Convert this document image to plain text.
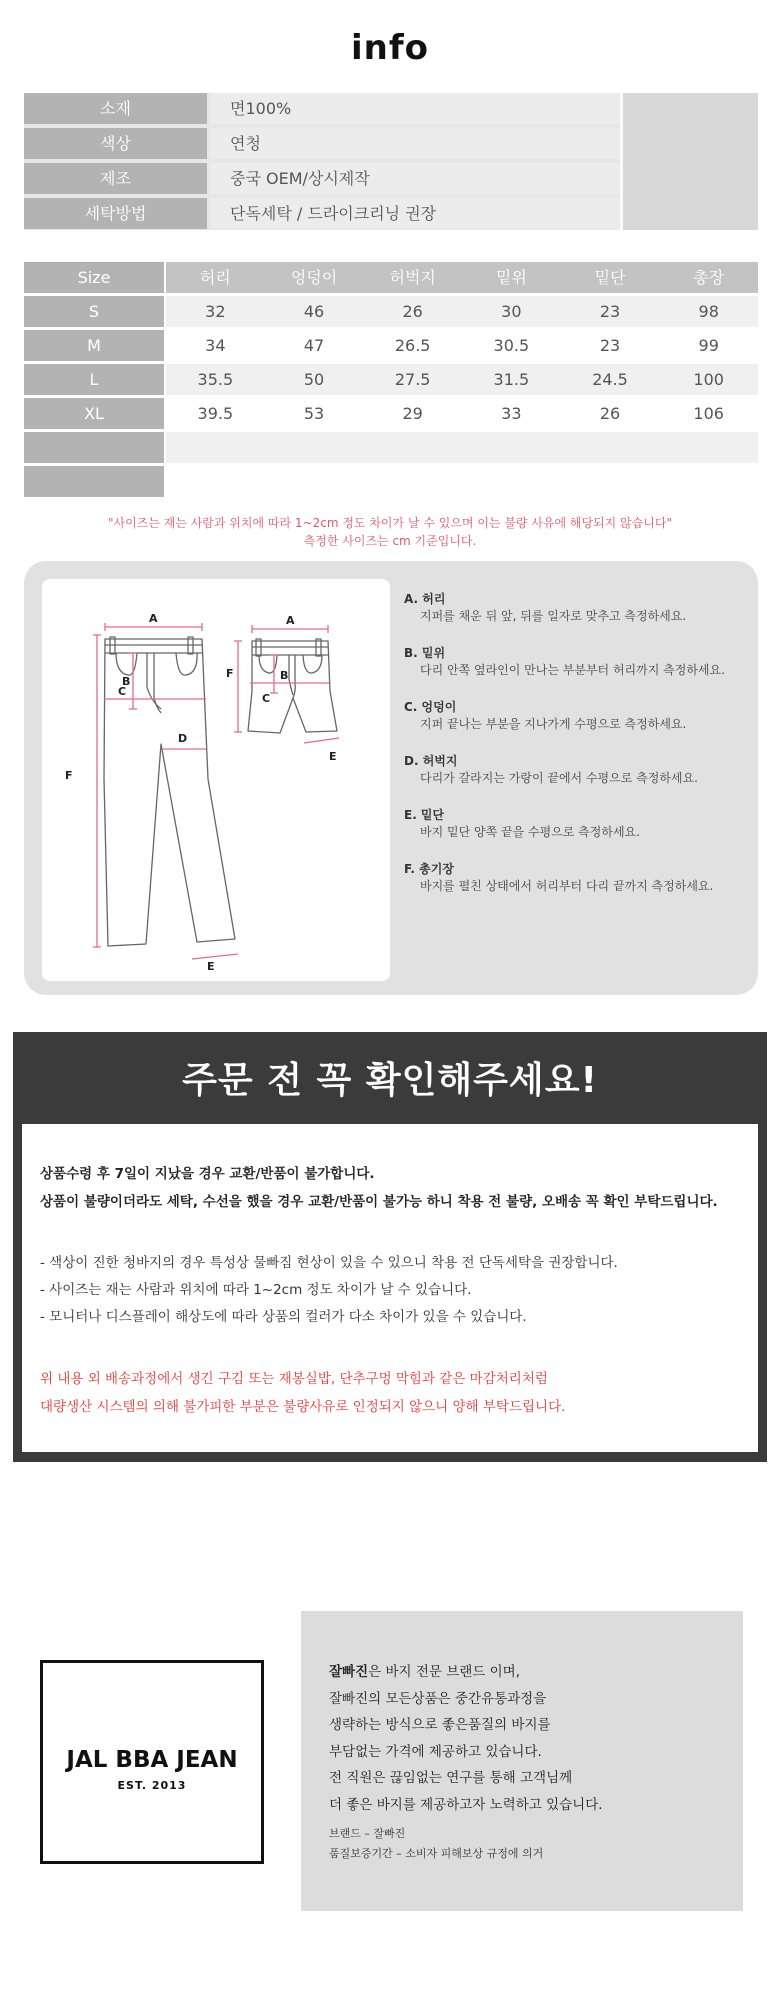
info
소재	면100%
색상	연청
제조	중국 OEM/상시제작
세탁방법	단독세탁 / 드라이크리닝 권장
Size	허리	엉덩이	허벅지	밑위	밑단	총장
S	32	46	26	30	23	98
M	34	47	26.5	30.5	23	99
L	35.5	50	27.5	31.5	24.5	100
XL	39.5	53	29	33	26	106
"사이즈는 재는 사람과 위치에 따라 1~2cm 정도 차이가 날 수 있으며 이는 불량 사유에 해당되지 않습니다"
측정한 사이즈는 cm 기준입니다.
A	A
B	B
C
C
D
E
E
F
F
A. 허리
지퍼를 채운 뒤 앞, 뒤를 일자로 맞추고 측정하세요.
B. 밑위
다리 안쪽 옆라인이 만나는 부분부터 허리까지 측정하세요.
C. 엉덩이
지퍼 끝나는 부분을 지나가게 수평으로 측정하세요.
D. 허벅지
다리가 갈라지는 가랑이 끝에서 수평으로 측정하세요.
E. 밑단
바지 밑단 양쪽 끝을 수평으로 측정하세요.
F. 총기장
바지를 펼친 상태에서 허리부터 다리 끝까지 측정하세요.
주문 전 꼭 확인해주세요!
상품수령 후 7일이 지났을 경우 교환/반품이 불가합니다.
상품이 불량이더라도 세탁, 수선을 했을 경우 교환/반품이 불가능 하니 착용 전 불량, 오배송 꼭 확인 부탁드립니다.
- 색상이 진한 청바지의 경우 특성상 물빠짐 현상이 있을 수 있으니 착용 전 단독세탁을 권장합니다.
- 사이즈는 재는 사람과 위치에 따라 1~2cm 정도 차이가 날 수 있습니다.
- 모니터나 디스플레이 해상도에 따라 상품의 컬러가 다소 차이가 있을 수 있습니다.
위 내용 외 배송과정에서 생긴 구김 또는 재봉실밥, 단추구멍 막힘과 같은 마감처리처럼
대량생산 시스템의 의해 불가피한 부분은 불량사유로 인정되지 않으니 양해 부탁드립니다.
JAL BBA JEAN
EST. 2013
잘빠진은 바지 전문 브랜드 이며,
잘빠진의 모든상품은 중간유통과정을
생략하는 방식으로 좋은품질의 바지를
부담없는 가격에 제공하고 있습니다.
전 직원은 끊임없는 연구를 통해 고객님께
더 좋은 바지를 제공하고자 노력하고 있습니다.
브랜드 – 잘빠진
품질보증기간 – 소비자 피해보상 규정에 의거
